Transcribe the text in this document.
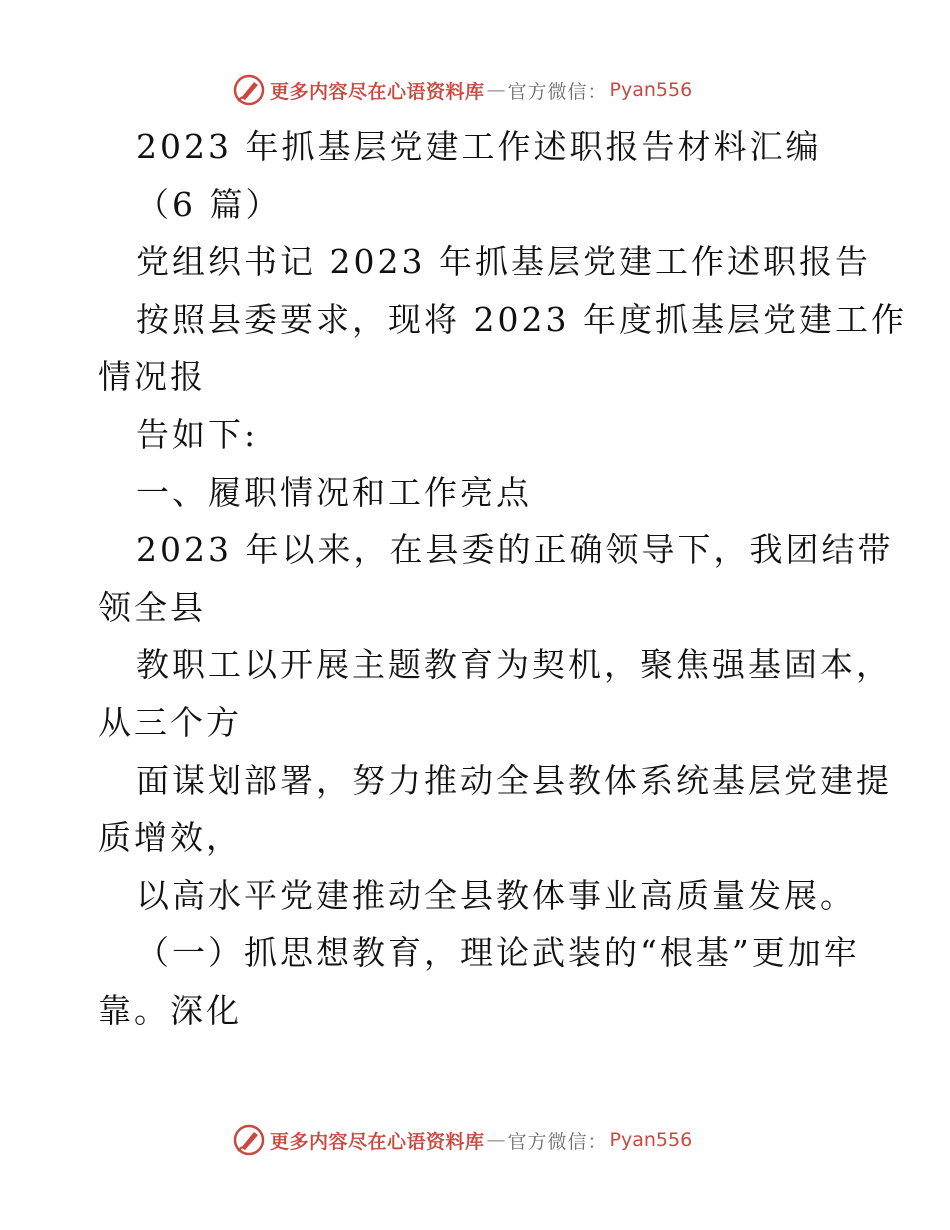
更多内容尽在心语资料库 — 官方微信： Pyan556
2023 年抓基层党建工作述职报告材料汇编
（6 篇）
党组织书记 2023 年抓基层党建工作述职报告
按照县委要求，现将 2023 年度抓基层党建工作
情况报
告如下:
一、履职情况和工作亮点
2023 年以来，在县委的正确领导下，我团结带
领全县
教职工以开展主题教育为契机，聚焦强基固本，
从三个方
面谋划部署，努力推动全县教体系统基层党建提
质增效，
以高水平党建推动全县教体事业高质量发展。
（一）抓思想教育，理论武装的“根基”更加牢
靠。深化
更多内容尽在心语资料库 — 官方微信： Pyan556
